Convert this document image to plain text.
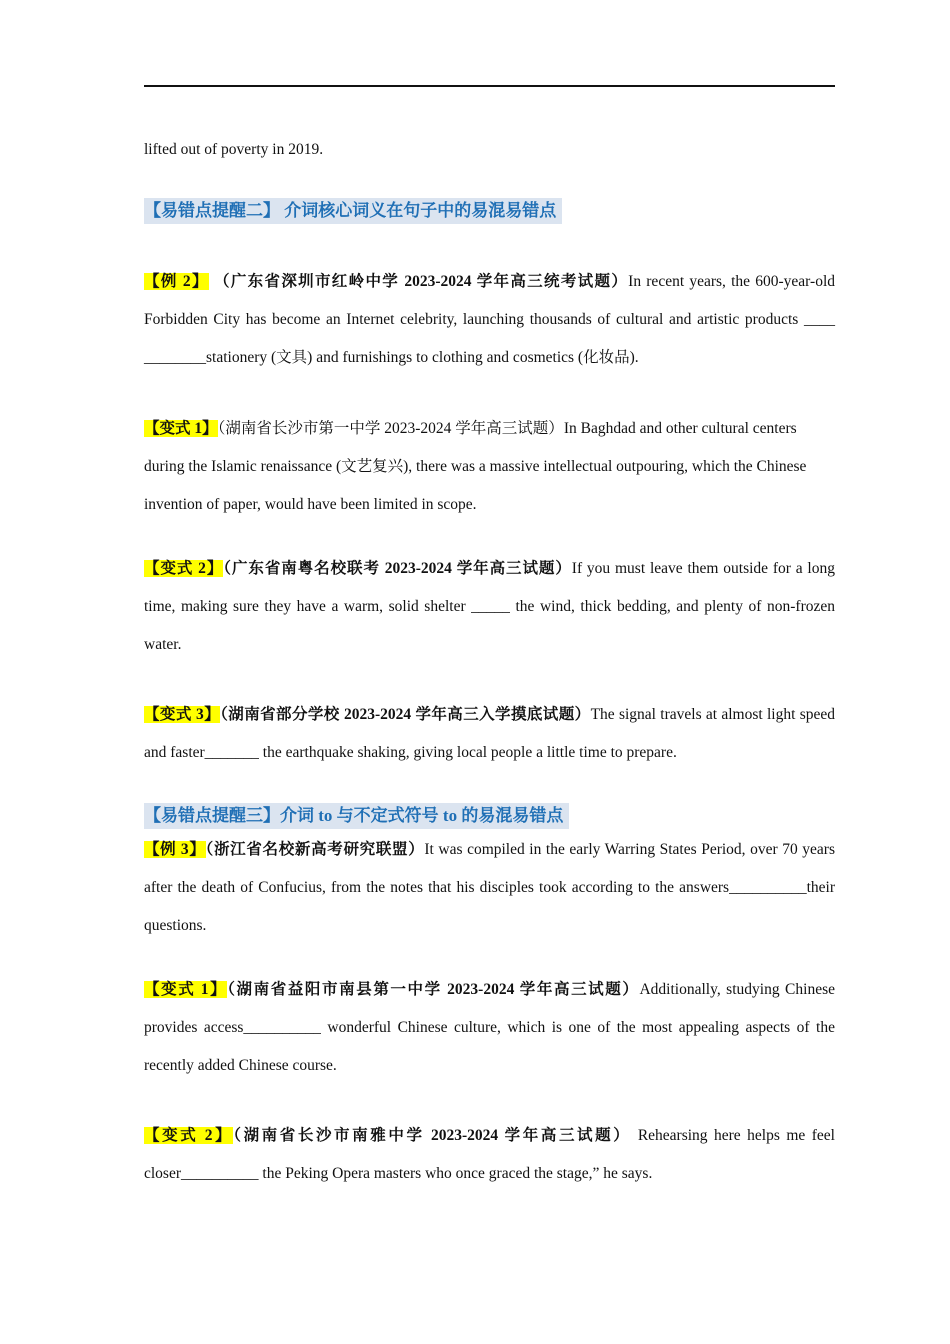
lifted out of poverty in 2019.
【易错点提醒二】 介词核心词义在句子中的易混易错点
【例 2】 （广东省深圳市红岭中学 2023-2024 学年高三统考试题）In recent years, the 600-year-old Forbidden City has become an Internet celebrity, launching thousands of cultural and artistic products ____ ________stationery (文具) and furnishings to clothing and cosmetics (化妆品).
【变式 1】（湖南省长沙市第一中学 2023-2024 学年高三试题）In Baghdad and other cultural centers during the Islamic renaissance (文艺复兴), there was a massive intellectual outpouring, which the Chinese invention of paper, would have been limited in scope.
【变式 2】（广东省南粤名校联考 2023-2024 学年高三试题）If you must leave them outside for a long time, making sure they have a warm, solid shelter _____ the wind, thick bedding, and plenty of non-frozen water.
【变式 3】（湖南省部分学校 2023-2024 学年高三入学摸底试题）The signal travels at almost light speed and faster_______ the earthquake shaking, giving local people a little time to prepare.
【易错点提醒三】介词 to 与不定式符号 to 的易混易错点
【例 3】（浙江省名校新高考研究联盟）It was compiled in the early Warring States Period, over 70 years after the death of Confucius, from the notes that his disciples took according to the answers__________their questions.
【变式 1】（湖南省益阳市南县第一中学 2023-2024 学年高三试题）Additionally, studying Chinese provides access__________ wonderful Chinese culture, which is one of the most appealing aspects of the recently added Chinese course.
【变式 2】（湖南省长沙市南雅中学 2023-2024 学年高三试题） Rehearsing here helps me feel closer__________ the Peking Opera masters who once graced the stage,” he says.
